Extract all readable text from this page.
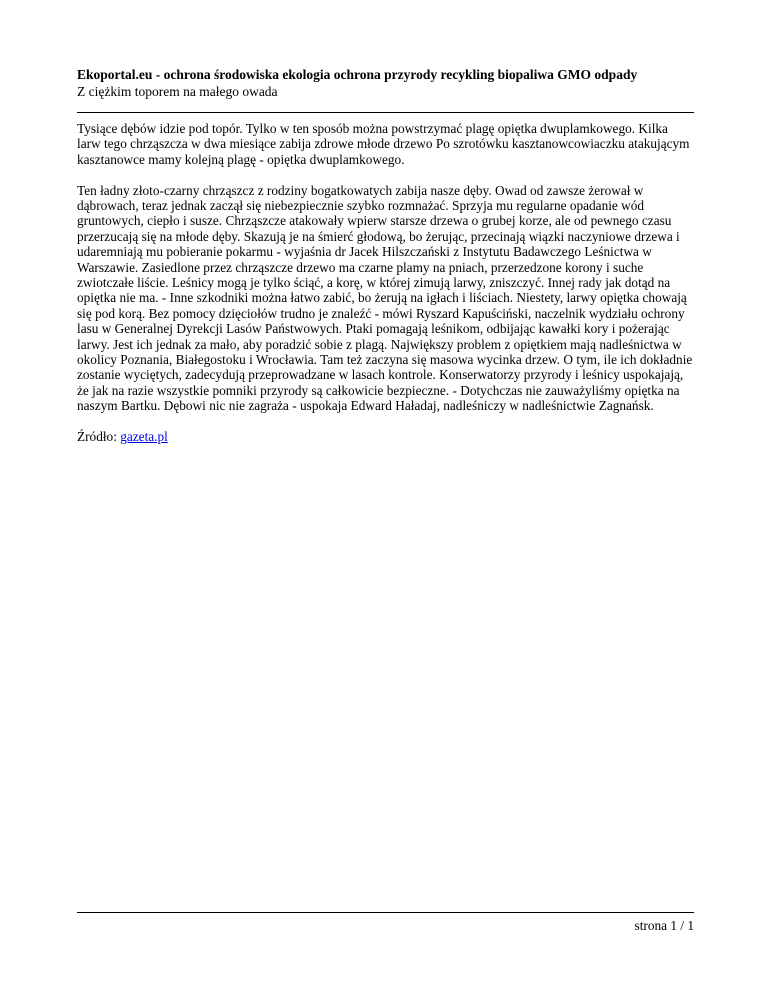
Ekoportal.eu - ochrona środowiska ekologia ochrona przyrody recykling biopaliwa GMO odpady
Z ciężkim toporem na małego owada

Tysiące dębów idzie pod topór. Tylko w ten sposób można powstrzymać plagę opiętka dwuplamkowego. Kilka larw tego chrząszcza w dwa miesiące zabija zdrowe młode drzewo Po szrotówku kasztanowcowiaczku atakującym kasztanowce mamy kolejną plagę - opiętka dwuplamkowego.

Ten ładny złoto-czarny chrząszcz z rodziny bogatkowatych zabija nasze dęby. Owad od zawsze żerował w dąbrowach, teraz jednak zaczął się niebezpiecznie szybko rozmnażać. Sprzyja mu regularne opadanie wód gruntowych, ciepło i susze. Chrząszcze atakowały wpierw starsze drzewa o grubej korze, ale od pewnego czasu przerzucają się na młode dęby. Skazują je na śmierć głodową, bo żerując, przecinają wiązki naczyniowe drzewa i udaremniają mu pobieranie pokarmu - wyjaśnia dr Jacek Hilszczański z Instytutu Badawczego Leśnictwa w Warszawie. Zasiedlone przez chrząszcze drzewo ma czarne plamy na pniach, przerzedzone korony i suche zwiotczałe liście. Leśnicy mogą je tylko ściąć, a korę, w której zimują larwy, zniszczyć. Innej rady jak dotąd na opiętka nie ma. - Inne szkodniki można łatwo zabić, bo żerują na igłach i liściach. Niestety, larwy opiętka chowają się pod korą. Bez pomocy dzięciołów trudno je znaleźć - mówi Ryszard Kapuściński, naczelnik wydziału ochrony lasu w Generalnej Dyrekcji Lasów Państwowych. Ptaki pomagają leśnikom, odbijając kawałki kory i pożerając larwy. Jest ich jednak za mało, aby poradzić sobie z plagą. Największy problem z opiętkiem mają nadleśnictwa w okolicy Poznania, Białegostoku i Wrocławia. Tam też zaczyna się masowa wycinka drzew. O tym, ile ich dokładnie zostanie wyciętych, zadecydują przeprowadzane w lasach kontrole. Konserwatorzy przyrody i leśnicy uspokajają, że jak na razie wszystkie pomniki przyrody są całkowicie bezpieczne. - Dotychczas nie zauważyliśmy opiętka na naszym Bartku. Dębowi nic nie zagraża - uspokaja Edward Haładaj, nadleśniczy w nadleśnictwie Zagnańsk.

Źródło: gazeta.pl

strona 1 / 1
